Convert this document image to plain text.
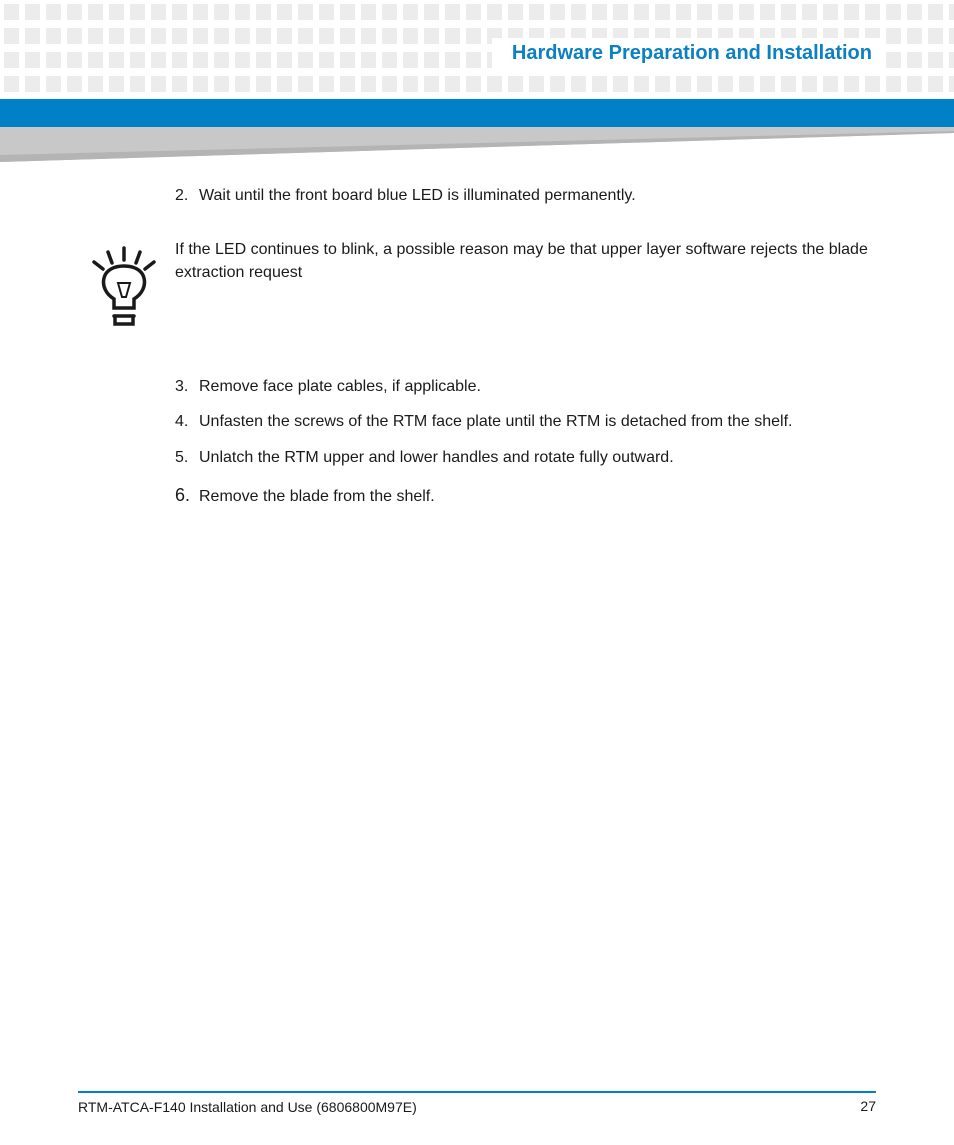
Hardware Preparation and Installation
2. Wait until the front board blue LED is illuminated permanently.
If the LED continues to blink, a possible reason may be that upper layer software rejects the blade extraction request
3. Remove face plate cables, if applicable.
4. Unfasten the screws of the RTM face plate until the RTM is detached from the shelf.
5. Unlatch the RTM upper and lower handles and rotate fully outward.
6. Remove the blade from the shelf.
RTM-ATCA-F140 Installation and Use (6806800M97E)	27
